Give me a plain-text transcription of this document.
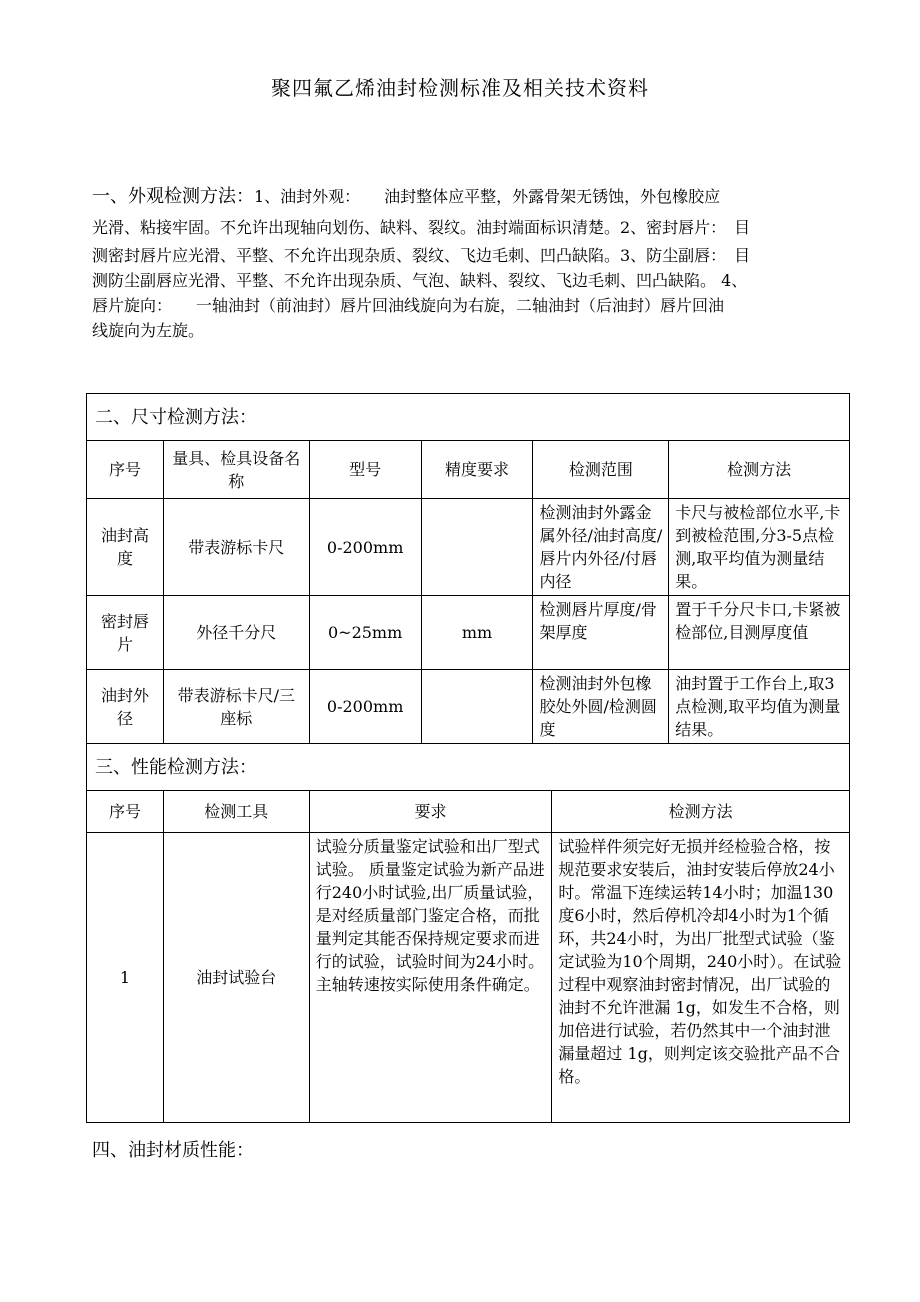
聚四氟乙烯油封检测标准及相关技术资料
一、外观检测方法：1、油封外观：　　油封整体应平整，外露骨架无锈蚀，外包橡胶应
光滑、粘接牢固。不允许出现轴向划伤、缺料、裂纹。油封端面标识清楚。2、密封唇片：　目
测密封唇片应光滑、平整、不允许出现杂质、裂纹、飞边毛刺、凹凸缺陷。3、防尘副唇：　目
测防尘副唇应光滑、平整、不允许出现杂质、气泡、缺料、裂纹、飞边毛刺、凹凸缺陷。 4、
唇片旋向：　　一轴油封（前油封）唇片回油线旋向为右旋，二轴油封（后油封）唇片回油
线旋向为左旋。
二、尺寸检测方法：					
序号	量具、检具设备名称	型号	精度要求	检测范围	检测方法
油封高度	带表游标卡尺	0-200mm		检测油封外露金属外径/油封高度/唇片内外径/付唇内径	卡尺与被检部位水平,卡到被检范围,分3-5点检测,取平均值为测量结果。
密封唇片	外径千分尺	0~25mm	mm	检测唇片厚度/骨架厚度	置于千分尺卡口,卡紧被检部位,目测厚度值
油封外径	带表游标卡尺/三座标	0-200mm		检测油封外包橡胶处外圆/检测圆度	油封置于工作台上,取3点检测,取平均值为测量结果。
三、性能检测方法：			
序号	检测工具	要求	检测方法
1	油封试验台	试验分质量鉴定试验和出厂型式试验。 质量鉴定试验为新产品进行240小时试验,出厂质量试验，是对经质量部门鉴定合格，而批量判定其能否保持规定要求而进行的试验，试验时间为24小时。主轴转速按实际使用条件确定。	试验样件须完好无损并经检验合格，按规范要求安装后，油封安装后停放24小时。常温下连续运转14小时；加温130度6小时，然后停机冷却4小时为1个循环，共24小时，为出厂批型式试验（鉴定试验为10个周期，240小时）。在试验过程中观察油封密封情况，出厂试验的油封不允许泄漏 1g，如发生不合格，则加倍进行试验，若仍然其中一个油封泄漏量超过 1g，则判定该交验批产品不合格。
四、油封材质性能：
